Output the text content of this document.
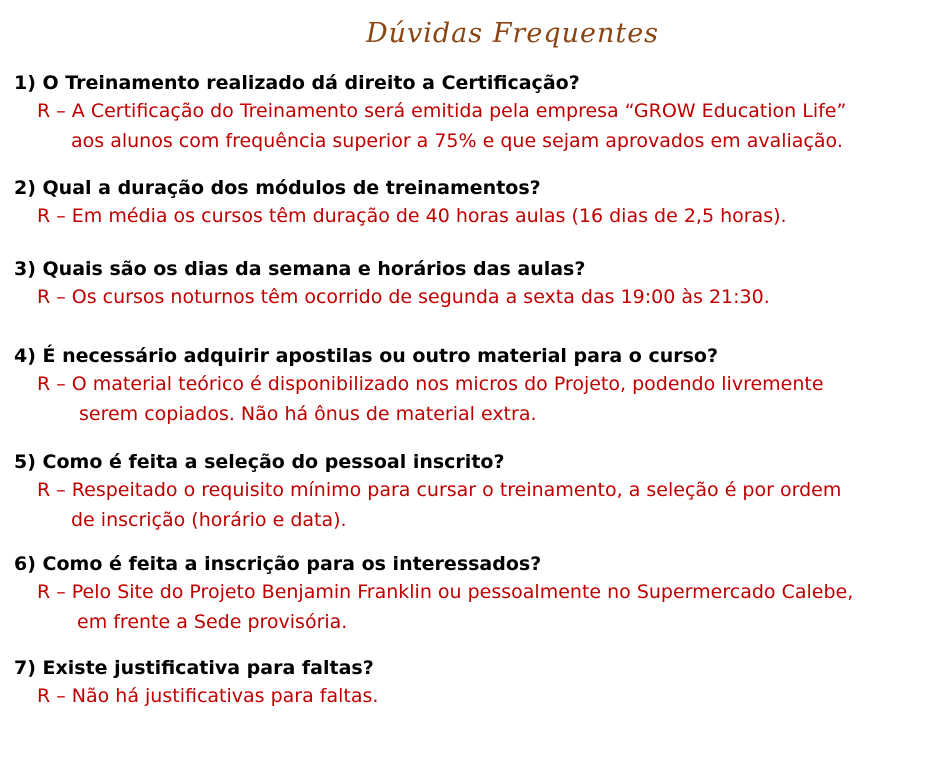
Dúvidas Frequentes
1) O Treinamento realizado dá direito a Certificação?
R – A Certificação do Treinamento será emitida pela empresa “GROW Education Life”
aos alunos com frequência superior a 75% e que sejam aprovados em avaliação.
2) Qual a duração dos módulos de treinamentos?
R – Em média os cursos têm duração de 40 horas aulas (16 dias de 2,5 horas).
3) Quais são os dias da semana e horários das aulas?
R – Os cursos noturnos têm ocorrido de segunda a sexta das 19:00 às 21:30.
4) É necessário adquirir apostilas ou outro material para o curso?
R – O material teórico é disponibilizado nos micros do Projeto, podendo livremente
serem copiados. Não há ônus de material extra.
5) Como é feita a seleção do pessoal inscrito?
R – Respeitado o requisito mínimo para cursar o treinamento, a seleção é por ordem
de inscrição (horário e data).
6) Como é feita a inscrição para os interessados?
R – Pelo Site do Projeto Benjamin Franklin ou pessoalmente no Supermercado Calebe,
em frente a Sede provisória.
7) Existe justificativa para faltas?
R – Não há justificativas para faltas.
